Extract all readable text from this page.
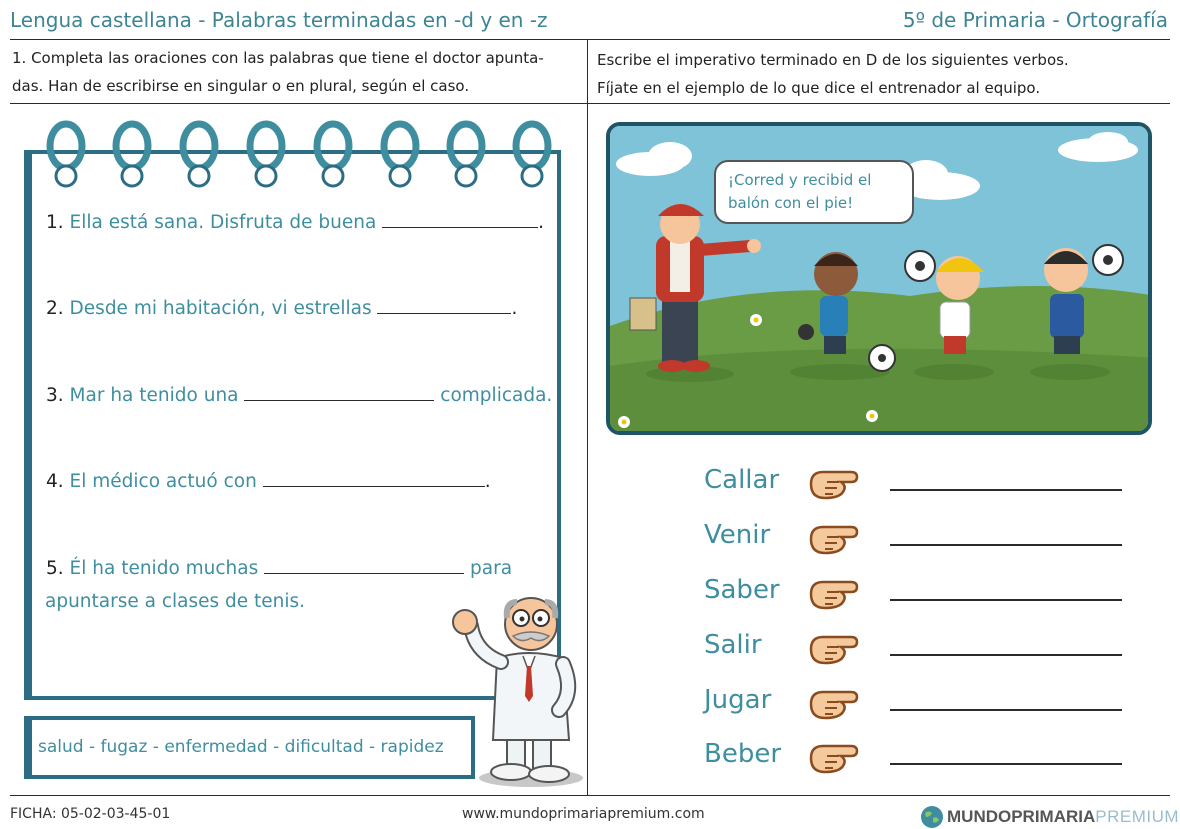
Lengua castellana - Palabras terminadas en -d y en -z	5º de Primaria - Ortografía
1. Completa las oraciones con las palabras que tiene el doctor apunta-
das. Han de escribirse en singular o en plural, según el caso.
Escribe el imperativo terminado en D de los siguientes verbos.
Fíjate en el ejemplo de lo que dice el entrenador al equipo.
1. Ella está sana. Disfruta de buena	.
2. Desde mi habitación, vi estrellas	.
3. Mar ha tenido una	complicada.
4. El médico actuó con	.
5. Él ha tenido muchas	para
apuntarse a clases de tenis.
salud - fugaz - enfermedad - dificultad - rapidez
¡Corred y recibid el
balón con el pie!
Callar
Venir
Saber
Salir
Jugar
Beber
FICHA: 05-02-03-45-01	www.mundoprimariapremium.com	MUNDOPRIMARIA PREMIUM
